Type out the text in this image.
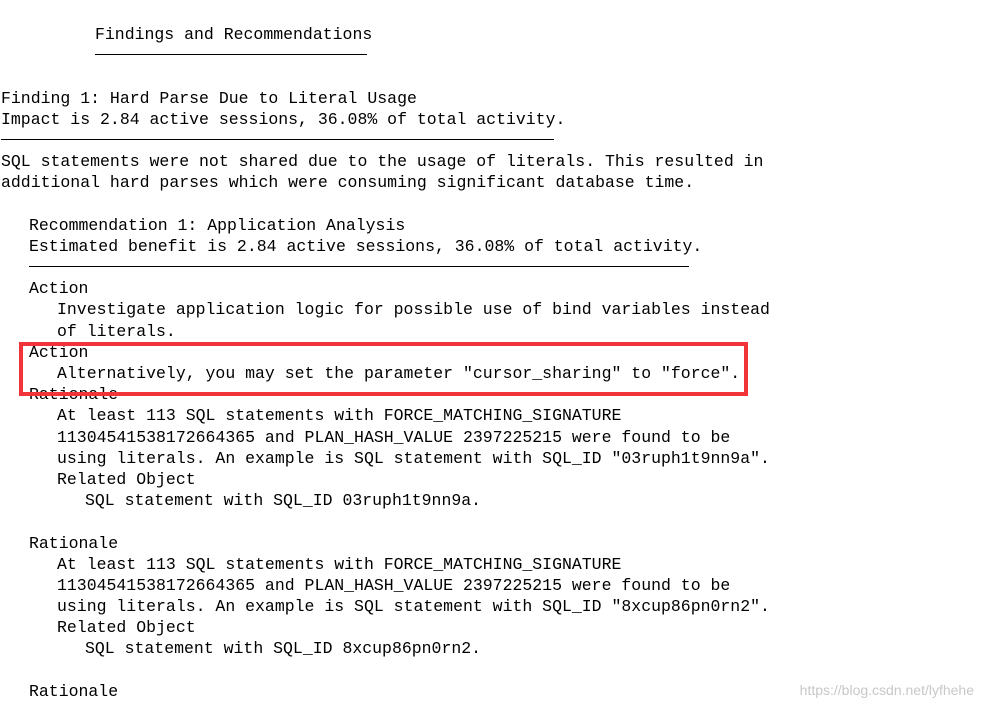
Findings and Recommendations
Finding 1: Hard Parse Due to Literal Usage
Impact is 2.84 active sessions, 36.08% of total activity.
SQL statements were not shared due to the usage of literals. This resulted in
additional hard parses which were consuming significant database time.
Recommendation 1: Application Analysis
Estimated benefit is 2.84 active sessions, 36.08% of total activity.
Action
Investigate application logic for possible use of bind variables instead
of literals.
Action
Alternatively, you may set the parameter "cursor_sharing" to "force".
Rationale
At least 113 SQL statements with FORCE_MATCHING_SIGNATURE
11304541538172664365 and PLAN_HASH_VALUE 2397225215 were found to be
using literals. An example is SQL statement with SQL_ID "03ruph1t9nn9a".
Related Object
SQL statement with SQL_ID 03ruph1t9nn9a.
Rationale
At least 113 SQL statements with FORCE_MATCHING_SIGNATURE
11304541538172664365 and PLAN_HASH_VALUE 2397225215 were found to be
using literals. An example is SQL statement with SQL_ID "8xcup86pn0rn2".
Related Object
SQL statement with SQL_ID 8xcup86pn0rn2.
Rationale	https://blog.csdn.net/lyfhehe
